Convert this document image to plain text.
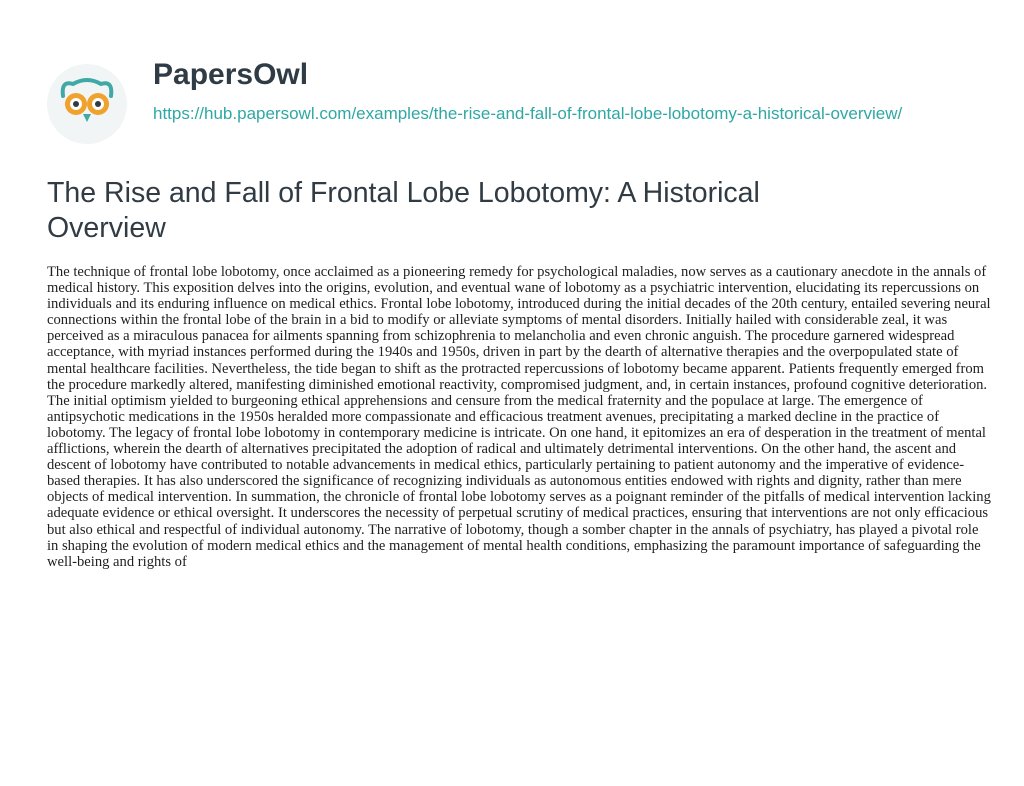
PapersOwl
https://hub.papersowl.com/examples/the-rise-and-fall-of-frontal-lobe-lobotomy-a-historical-overview/
The Rise and Fall of Frontal Lobe Lobotomy: A Historical Overview

The technique of frontal lobe lobotomy, once acclaimed as a pioneering remedy for psychological maladies, now serves as a cautionary anecdote in the annals of medical history. This exposition delves into the origins, evolution, and eventual wane of lobotomy as a psychiatric intervention, elucidating its repercussions on individuals and its enduring influence on medical ethics. Frontal lobe lobotomy, introduced during the initial decades of the 20th century, entailed severing neural connections within the frontal lobe of the brain in a bid to modify or alleviate symptoms of mental disorders. Initially hailed with considerable zeal, it was perceived as a miraculous panacea for ailments spanning from schizophrenia to melancholia and even chronic anguish. The procedure garnered widespread acceptance, with myriad instances performed during the 1940s and 1950s, driven in part by the dearth of alternative therapies and the overpopulated state of mental healthcare facilities. Nevertheless, the tide began to shift as the protracted repercussions of lobotomy became apparent. Patients frequently emerged from the procedure markedly altered, manifesting diminished emotional reactivity, compromised judgment, and, in certain instances, profound cognitive deterioration. The initial optimism yielded to burgeoning ethical apprehensions and censure from the medical fraternity and the populace at large. The emergence of antipsychotic medications in the 1950s heralded more compassionate and efficacious treatment avenues, precipitating a marked decline in the practice of lobotomy. The legacy of frontal lobe lobotomy in contemporary medicine is intricate. On one hand, it epitomizes an era of desperation in the treatment of mental afflictions, wherein the dearth of alternatives precipitated the adoption of radical and ultimately detrimental interventions. On the other hand, the ascent and descent of lobotomy have contributed to notable advancements in medical ethics, particularly pertaining to patient autonomy and the imperative of evidence-based therapies. It has also underscored the significance of recognizing individuals as autonomous entities endowed with rights and dignity, rather than mere objects of medical intervention. In summation, the chronicle of frontal lobe lobotomy serves as a poignant reminder of the pitfalls of medical intervention lacking adequate evidence or ethical oversight. It underscores the necessity of perpetual scrutiny of medical practices, ensuring that interventions are not only efficacious but also ethical and respectful of individual autonomy. The narrative of lobotomy, though a somber chapter in the annals of psychiatry, has played a pivotal role in shaping the evolution of modern medical ethics and the management of mental health conditions, emphasizing the paramount importance of safeguarding the well-being and rights of
